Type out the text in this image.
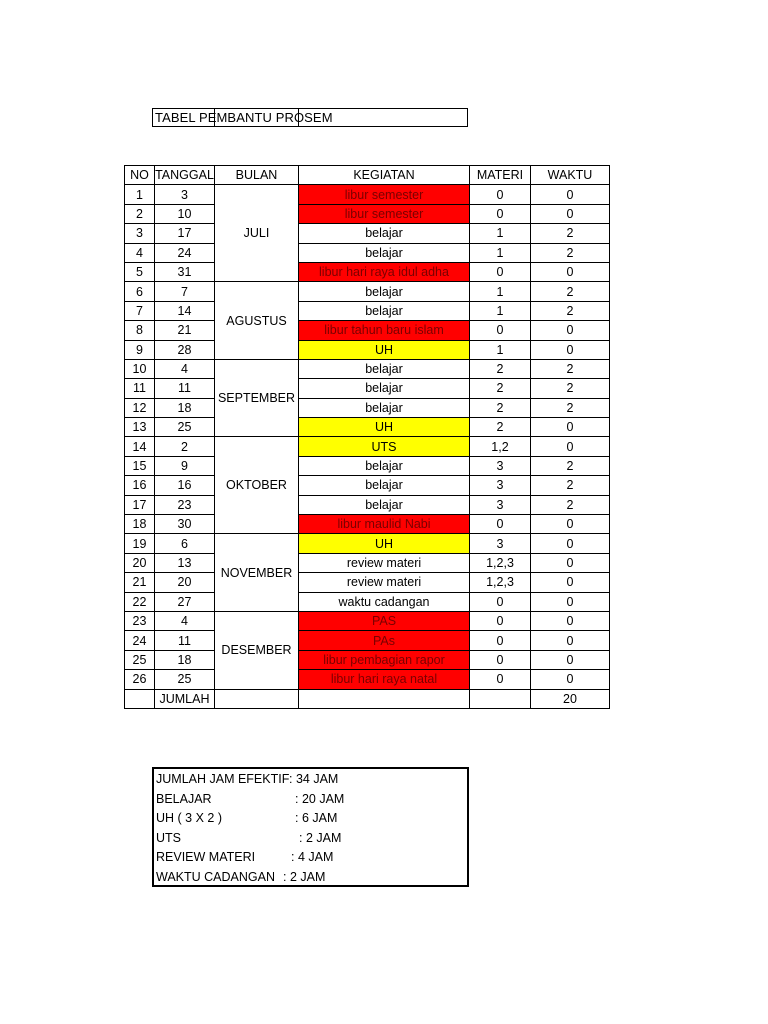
TABEL PEMBANTU PROSEM
NO	TANGGAL	BULAN	KEGIATAN	MATERI	WAKTU
1	3	JULI	libur semester	0	0
2	10		libur semester	0	0
3	17		belajar	1	2
4	24		belajar	1	2
5	31		libur hari raya idul adha	0	0
6	7	AGUSTUS	belajar	1	2
7	14		belajar	1	2
8	21		libur tahun baru islam	0	0
9	28		UH	1	0
10	4	SEPTEMBER	belajar	2	2
11	11		belajar	2	2
12	18		belajar	2	2
13	25		UH	2	0
14	2	OKTOBER	UTS	1,2	0
15	9		belajar	3	2
16	16		belajar	3	2
17	23		belajar	3	2
18	30		libur maulid Nabi	0	0
19	6	NOVEMBER	UH	3	0
20	13		review materi	1,2,3	0
21	20		review materi	1,2,3	0
22	27		waktu cadangan	0	0
23	4	DESEMBER	PAS	0	0
24	11		PAs	0	0
25	18		libur pembagian rapor	0	0
26	25		libur hari raya natal	0	0
	JUMLAH				20
JUMLAH JAM EFEKTIF : 34 JAM
BELAJAR	: 20 JAM
UH ( 3 X 2 )	: 6 JAM
UTS	: 2 JAM
REVIEW MATERI	: 4 JAM
WAKTU CADANGAN : 2 JAM
